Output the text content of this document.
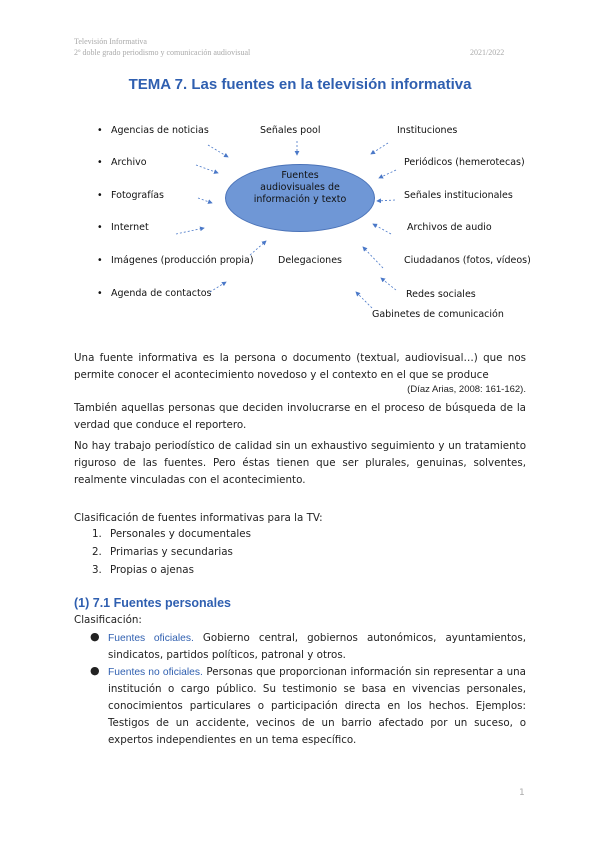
Televisión Informativa
2º doble grado periodismo y comunicación audiovisual	2021/2022
TEMA 7. Las fuentes en la televisión informativa
• Agencias de noticias
• Archivo
• Fotografías
• Internet
• Imágenes (producción propia)
• Agenda de contactos
Señales pool
Delegaciones
Instituciones
Periódicos (hemerotecas)
Señales institucionales
Archivos de audio
Ciudadanos (fotos, vídeos)
Redes sociales
Gabinetes de comunicación
Fuentes
audiovisuales de
información y texto

Una fuente informativa es la persona o documento (textual, audiovisual…) que nos permite conocer el acontecimiento novedoso y el contexto en el que se produce

(Díaz Arias, 2008: 161-162).

También aquellas personas que deciden involucrarse en el proceso de búsqueda de la verdad que conduce el reportero.

No hay trabajo periodístico de calidad sin un exhaustivo seguimiento y un tratamiento riguroso de las fuentes. Pero éstas tienen que ser plurales, genuinas, solventes, realmente vinculadas con el acontecimiento.

Clasificación de fuentes informativas para la TV:

1. Personales y documentales
2. Primarias y secundarias
3. Propias o ajenas
(1) 7.1 Fuentes personales

Clasificación:

● Fuentes oficiales. Gobierno central, gobiernos autonómicos, ayuntamientos, sindicatos, partidos políticos, patronal y otros.

● Fuentes no oficiales. Personas que proporcionan información sin representar a una institución o cargo público. Su testimonio se basa en vivencias personales, conocimientos particulares o participación directa en los hechos. Ejemplos: Testigos de un accidente, vecinos de un barrio afectado por un suceso, o expertos independientes en un tema específico.

1
